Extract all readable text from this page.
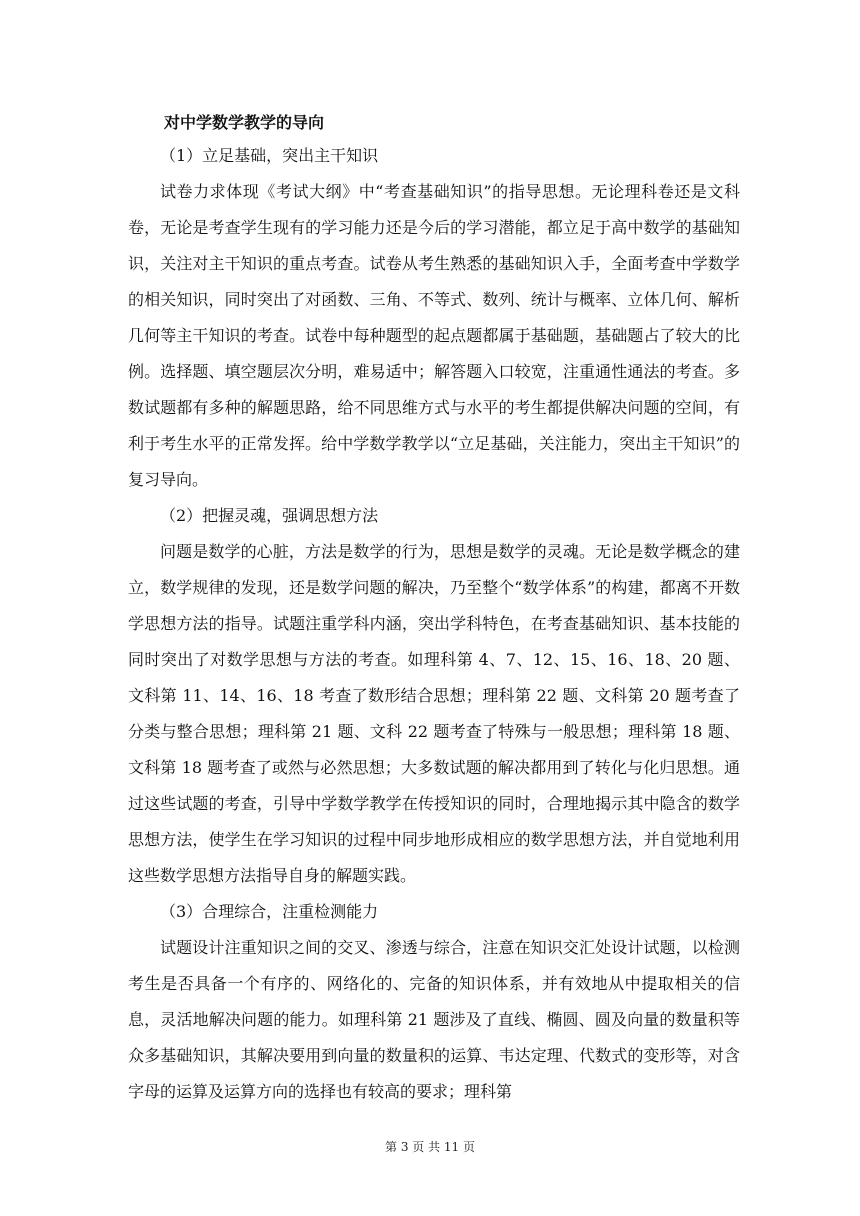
对中学数学教学的导向
（1）立足基础，突出主干知识

试卷力求体现《考试大纲》中“考查基础知识”的指导思想。无论理科卷还是文科卷，无论是考查学生现有的学习能力还是今后的学习潜能，都立足于高中数学的基础知识，关注对主干知识的重点考查。试卷从考生熟悉的基础知识入手，全面考查中学数学的相关知识，同时突出了对函数、三角、不等式、数列、统计与概率、立体几何、解析几何等主干知识的考查。试卷中每种题型的起点题都属于基础题，基础题占了较大的比例。选择题、填空题层次分明，难易适中；解答题入口较宽，注重通性通法的考查。多数试题都有多种的解题思路，给不同思维方式与水平的考生都提供解决问题的空间，有利于考生水平的正常发挥。给中学数学教学以“立足基础，关注能力，突出主干知识”的复习导向。

（2）把握灵魂，强调思想方法

问题是数学的心脏，方法是数学的行为，思想是数学的灵魂。无论是数学概念的建立，数学规律的发现，还是数学问题的解决，乃至整个“数学体系”的构建，都离不开数学思想方法的指导。试题注重学科内涵，突出学科特色，在考查基础知识、基本技能的同时突出了对数学思想与方法的考查。如理科第 4、7、12、15、16、18、20 题、文科第 11、14、16、18 考查了数形结合思想；理科第 22 题、文科第 20 题考查了分类与整合思想；理科第 21 题、文科 22 题考查了特殊与一般思想；理科第 18 题、文科第 18 题考查了或然与必然思想；大多数试题的解决都用到了转化与化归思想。通过这些试题的考查，引导中学数学教学在传授知识的同时，合理地揭示其中隐含的数学思想方法，使学生在学习知识的过程中同步地形成相应的数学思想方法，并自觉地利用这些数学思想方法指导自身的解题实践。

（3）合理综合，注重检测能力

试题设计注重知识之间的交叉、渗透与综合，注意在知识交汇处设计试题，以检测考生是否具备一个有序的、网络化的、完备的知识体系，并有效地从中提取相关的信息，灵活地解决问题的能力。如理科第 21 题涉及了直线、椭圆、圆及向量的数量积等众多基础知识，其解决要用到向量的数量积的运算、韦达定理、代数式的变形等，对含字母的运算及运算方向的选择也有较高的要求；理科第

第 3 页 共 11 页
